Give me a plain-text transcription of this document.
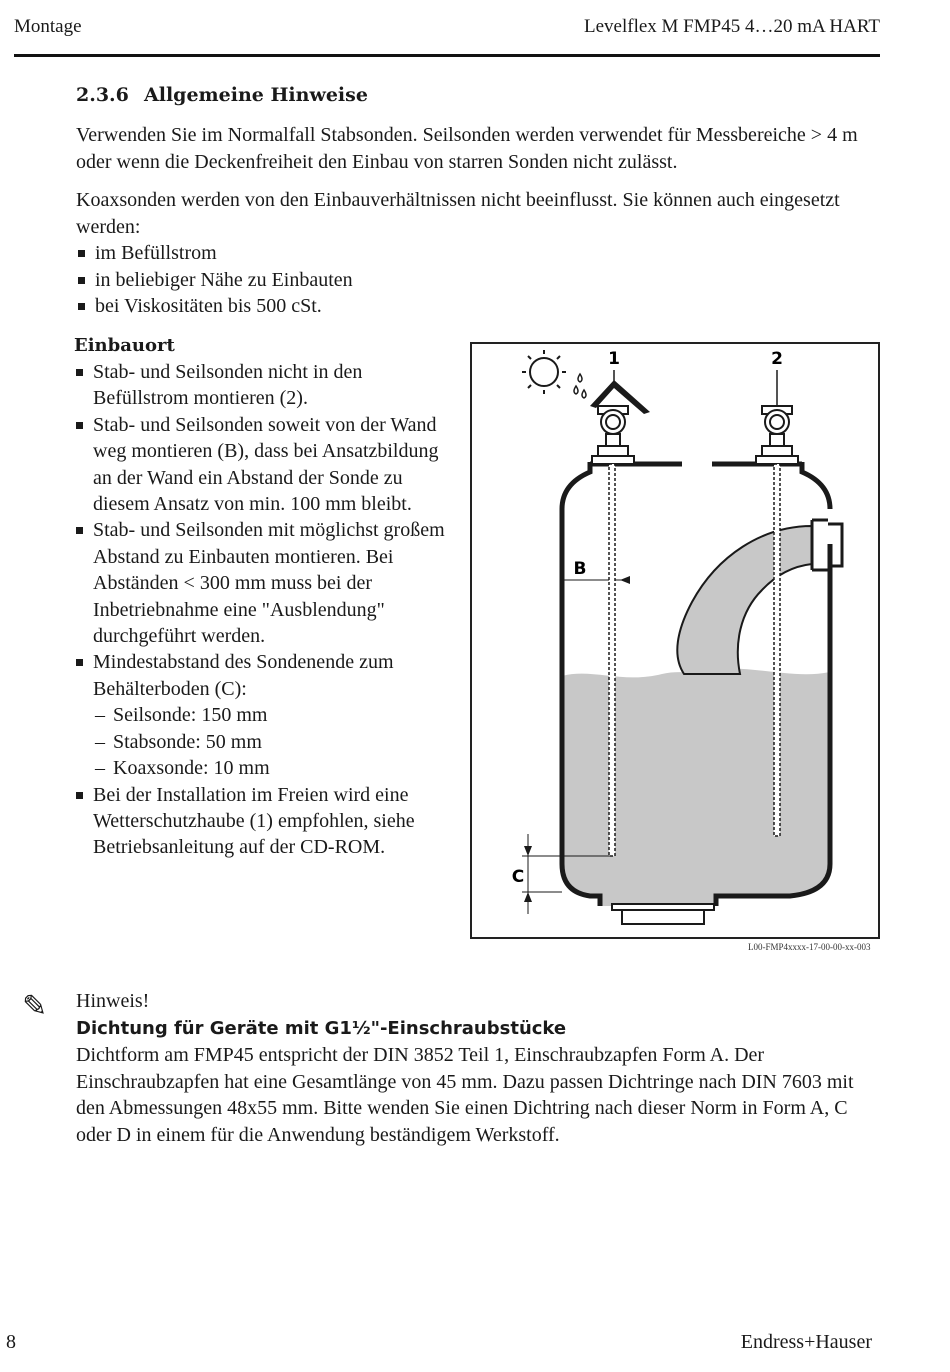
Montage	Levelflex M FMP45 4…20 mA HART
2.3.6 Allgemeine Hinweise

Verwenden Sie im Normalfall Stabsonden. Seilsonden werden verwendet für Messbereiche > 4 m oder wenn die Deckenfreiheit den Einbau von starren Sonden nicht zulässt.

Koaxsonden werden von den Einbauverhältnissen nicht beeinflusst. Sie können auch eingesetzt werden:

im Befüllstrom
in beliebiger Nähe zu Einbauten
bei Viskositäten bis 500 cSt.
Einbauort
Stab- und Seilsonden nicht in den Befüllstrom montieren (2).
Stab- und Seilsonden soweit von der Wand weg montieren (B), dass bei Ansatzbildung an der Wand ein Abstand der Sonde zu diesem Ansatz von min. 100 mm bleibt.
Stab- und Seilsonden mit möglichst großem Abstand zu Einbauten montieren. Bei Abständen < 300 mm muss bei der Inbetriebnahme eine "Ausblendung" durchgeführt werden.
Mindestabstand des Sondenende zum Behälterboden (C):
– Seilsonde: 150 mm
– Stabsonde: 50 mm
– Koaxsonde: 10 mm
Bei der Installation im Freien wird eine Wetterschutzhaube (1) empfohlen, siehe Betriebsanleitung auf der CD-ROM.
1	2
B
C
L00-FMP4xxxx-17-00-00-xx-003
✎ Hinweis!
Dichtung für Geräte mit G1½"-Einschraubstücke

Dichtform am FMP45 entspricht der DIN 3852 Teil 1, Einschraubzapfen Form A. Der Einschraubzapfen hat eine Gesamtlänge von 45 mm. Dazu passen Dichtringe nach DIN 7603 mit den Abmessungen 48x55 mm. Bitte wenden Sie einen Dichtring nach dieser Norm in Form A, C oder D in einem für die Anwendung beständigem Werkstoff.

8	Endress+Hauser
